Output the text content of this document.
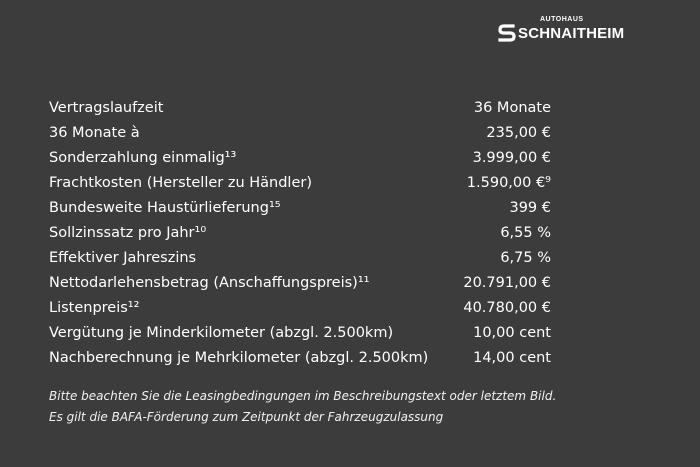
AUTOHAUS
SCHNAITHEIM
Vertragslaufzeit	36 Monate
36 Monate à	235,00 €
Sonderzahlung einmalig¹³	3.999,00 €
Frachtkosten (Hersteller zu Händler)	1.590,00 €⁹
Bundesweite Haustürlieferung¹⁵	399 €
Sollzinssatz pro Jahr¹⁰	6,55 %
Effektiver Jahreszins	6,75 %
Nettodarlehensbetrag (Anschaffungspreis)¹¹	20.791,00 €
Listenpreis¹²	40.780,00 €
Vergütung je Minderkilometer (abzgl. 2.500km)	10,00 cent
Nachberechnung je Mehrkilometer (abzgl. 2.500km)	14,00 cent
Bitte beachten Sie die Leasingbedingungen im Beschreibungstext oder letztem Bild.
Es gilt die BAFA-Förderung zum Zeitpunkt der Fahrzeugzulassung
